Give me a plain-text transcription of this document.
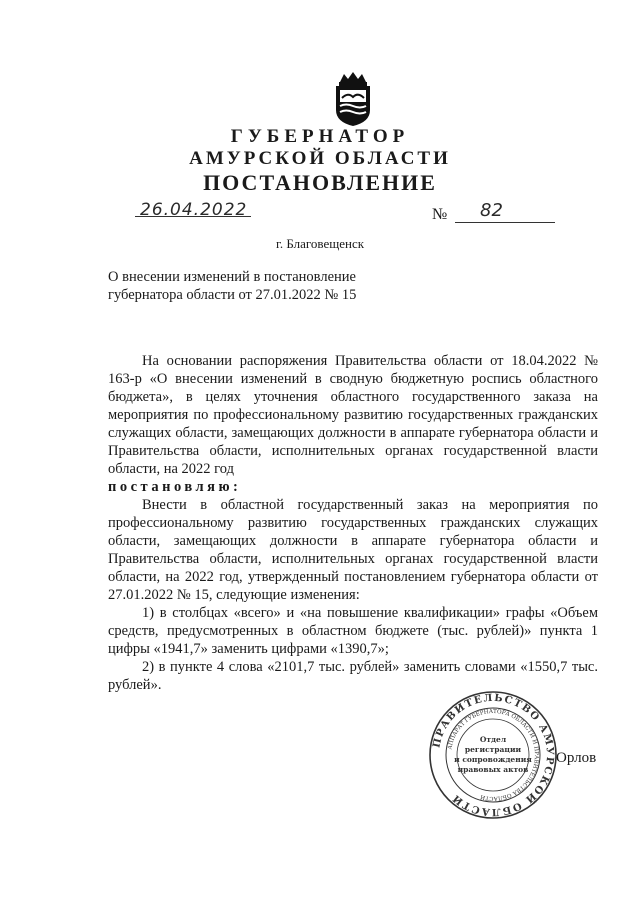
ГУБЕРНАТОР
АМУРСКОЙ ОБЛАСТИ
ПОСТАНОВЛЕНИЕ
26.04.2022	№ 82
г. Благовещенск
О внесении изменений в постановление губернатора области от 27.01.2022 № 15

На основании распоряжения Правительства области от 18.04.2022 № 163-р «О внесении изменений в сводную бюджетную роспись областного бюджета», в целях уточнения областного государственного заказа на мероприятия по профессиональному развитию государственных гражданских служащих области, замещающих должности в аппарате губернатора области и Правительства области, исполнительных органах государственной власти области, на 2022 год

постановляю:

Внести в областной государственный заказ на мероприятия по профессиональному развитию государственных гражданских служащих области, замещающих должности в аппарате губернатора области и Правительства области, исполнительных органах государственной власти области, на 2022 год, утвержденный постановлением губернатора области от 27.01.2022 № 15, следующие изменения:

1) в столбцах «всего» и «на повышение квалификации» графы «Объем средств, предусмотренных в областном бюджете (тыс. рублей)» пункта 1 цифры «1941,7» заменить цифрами «1390,7»;

2) в пункте 4 слова «2101,7 тыс. рублей» заменить словами «1550,7 тыс. рублей».

ПРАВИТЕЛЬСТВО АМУРСКОЙ ОБЛАСТИ
АППАРАТ ГУБЕРНАТОРА ОБЛАСТИ И ПРАВИТЕЛЬСТВА ОБЛАСТИ
Отдел
регистрации
и сопровождения
правовых актов
Орлов
